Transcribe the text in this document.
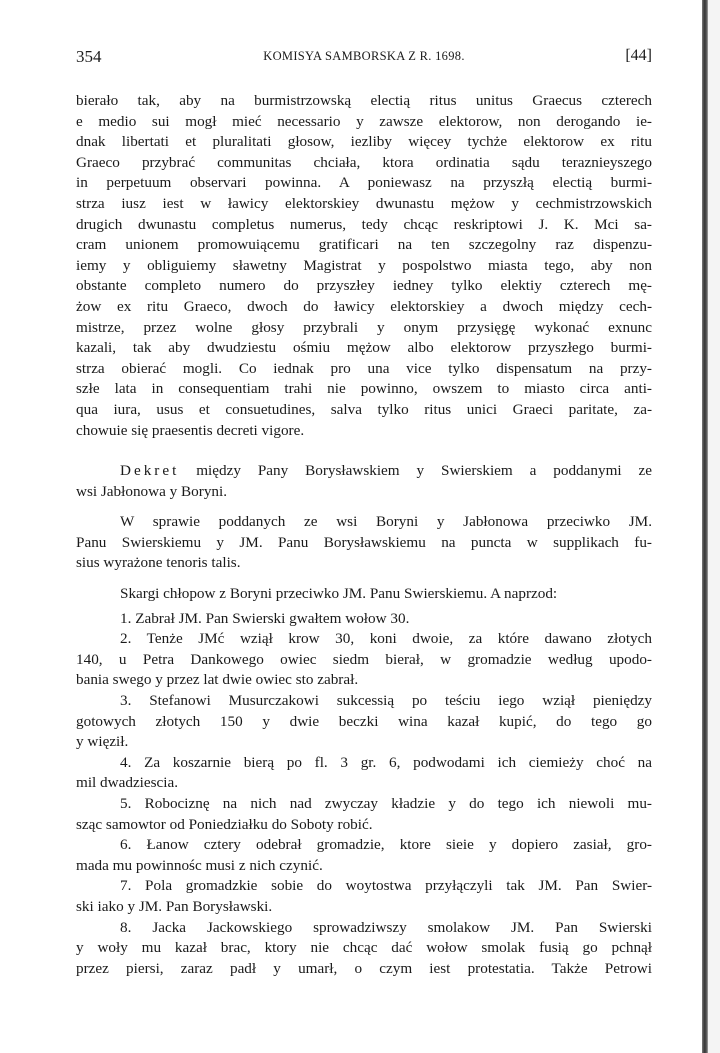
354	KOMISYA SAMBORSKA Z R. 1698.	[44]
bierało tak, aby na burmistrzowską electią ritus unitus Graecus czterech
e medio sui mogł mieć necessario y zawsze elektorow, non derogando ie-
dnak libertati et pluralitati głosow, iezliby więcey tychże elektorow ex ritu
Graeco przybrać communitas chciała, ktora ordinatia sądu teraznieyszego
in perpetuum observari powinna. A poniewasz na przyszłą electią burmi-
strza iusz iest w ławicy elektorskiey dwunastu mężow y cechmistrzowskich
drugich dwunastu completus numerus, tedy chcąc reskriptowi J. K. Mci sa-
cram unionem promowuiącemu gratificari na ten szczegolny raz dispenzu-
iemy y obliguiemy sławetny Magistrat y pospolstwo miasta tego, aby non
obstante completo numero do przyszłey iedney tylko elektiy czterech mę-
żow ex ritu Graeco, dwoch do ławicy elektorskiey a dwoch między cech-
mistrze, przez wolne głosy przybrali y onym przysięgę wykonać exnunc
kazali, tak aby dwudziestu ośmiu mężow albo elektorow przyszłego burmi-
strza obierać mogli. Co iednak pro una vice tylko dispensatum na przy-
szłe lata in consequentiam trahi nie powinno, owszem to miasto circa anti-
qua iura, usus et consuetudines, salva tylko ritus unici Graeci paritate, za-
chowuie się praesentis decreti vigore.
Dekret między Pany Borysławskiem y Swierskiem a poddanymi ze
wsi Jabłonowa y Boryni.
W sprawie poddanych ze wsi Boryni y Jabłonowa przeciwko JM.
Panu Swierskiemu y JM. Panu Borysławskiemu na puncta w supplikach fu-
sius wyrażone tenoris talis.
Skargi chłopow z Boryni przeciwko JM. Panu Swierskiemu. A naprzod:
1. Zabrał JM. Pan Swierski gwałtem wołow 30.
2. Tenże JMć wziął krow 30, koni dwoie, za które dawano złotych
140, u Petra Dankowego owiec siedm bierał, w gromadzie według upodo-
bania swego y przez lat dwie owiec sto zabrał.
3. Stefanowi Musurczakowi sukcessią po teściu iego wziął pieniędzy
gotowych złotych 150 y dwie beczki wina kazał kupić, do tego go
y więził.
4. Za koszarnie bierą po fl. 3 gr. 6, podwodami ich ciemieży choć na
mil dwadziescia.
5. Robociznę na nich nad zwyczay kładzie y do tego ich niewoli mu-
sząc samowtor od Poniedziałku do Soboty robić.
6. Łanow cztery odebrał gromadzie, ktore sieie y dopiero zasiał, gro-
mada mu powinnośc musi z nich czynić.
7. Pola gromadzkie sobie do woytostwa przyłączyli tak JM. Pan Swier-
ski iako y JM. Pan Borysławski.
8. Jacka Jackowskiego sprowadziwszy smolakow JM. Pan Swierski
y woły mu kazał brac, ktory nie chcąc dać wołow smolak fusią go pchnął
przez piersi, zaraz padł y umarł, o czym iest protestatia. Także Petrowi
